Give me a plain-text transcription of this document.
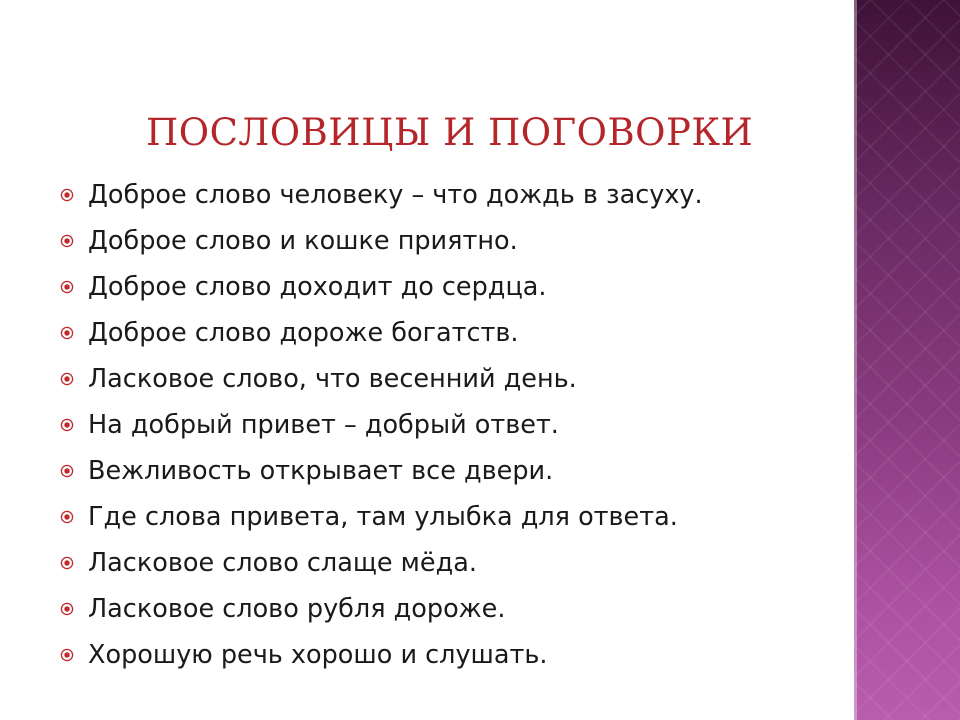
ПОСЛОВИЦЫ И ПОГОВОРКИ
Доброе слово человеку – что дождь в засуху.
Доброе слово и кошке приятно.
Доброе слово доходит до сердца.
Доброе слово дороже богатств.
Ласковое слово, что весенний день.
На добрый привет – добрый ответ.
Вежливость открывает все двери.
Где слова привета, там улыбка для ответа.
Ласковое слово слаще мёда.
Ласковое слово рубля дороже.
Хорошую речь хорошо и слушать.
